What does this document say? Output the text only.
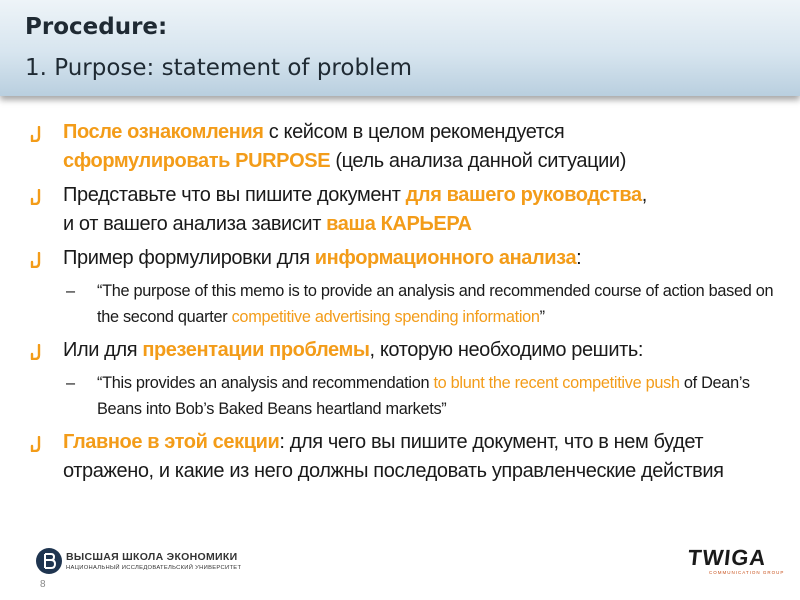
Procedure:
1. Purpose: statement of problem
После ознакомления с кейсом в целом рекомендуется
сформулировать PURPOSE (цель анализа данной ситуации)
Представьте что вы пишите документ для вашего руководства,
и от вашего анализа зависит ваша КАРЬЕРА
Пример формулировки для информационного анализа:
– “The purpose of this memo is to provide an analysis and recommended course of action based on the second quarter competitive advertising spending information”
Или для презентации проблемы, которую необходимо решить:
– “This provides an analysis and recommendation to blunt the recent competitive push of Dean’s Beans into Bob’s Baked Beans heartland markets”
Главное в этой секции: для чего вы пишите документ, что в нем будет отражено, и какие из него должны последовать управленческие действия
ВЫСШАЯ ШКОЛА ЭКОНОМИКИ
НАЦИОНАЛЬНЫЙ ИССЛЕДОВАТЕЛЬСКИЙ УНИВЕРСИТЕТ
8
TWIGA
COMMUNICATION GROUP
